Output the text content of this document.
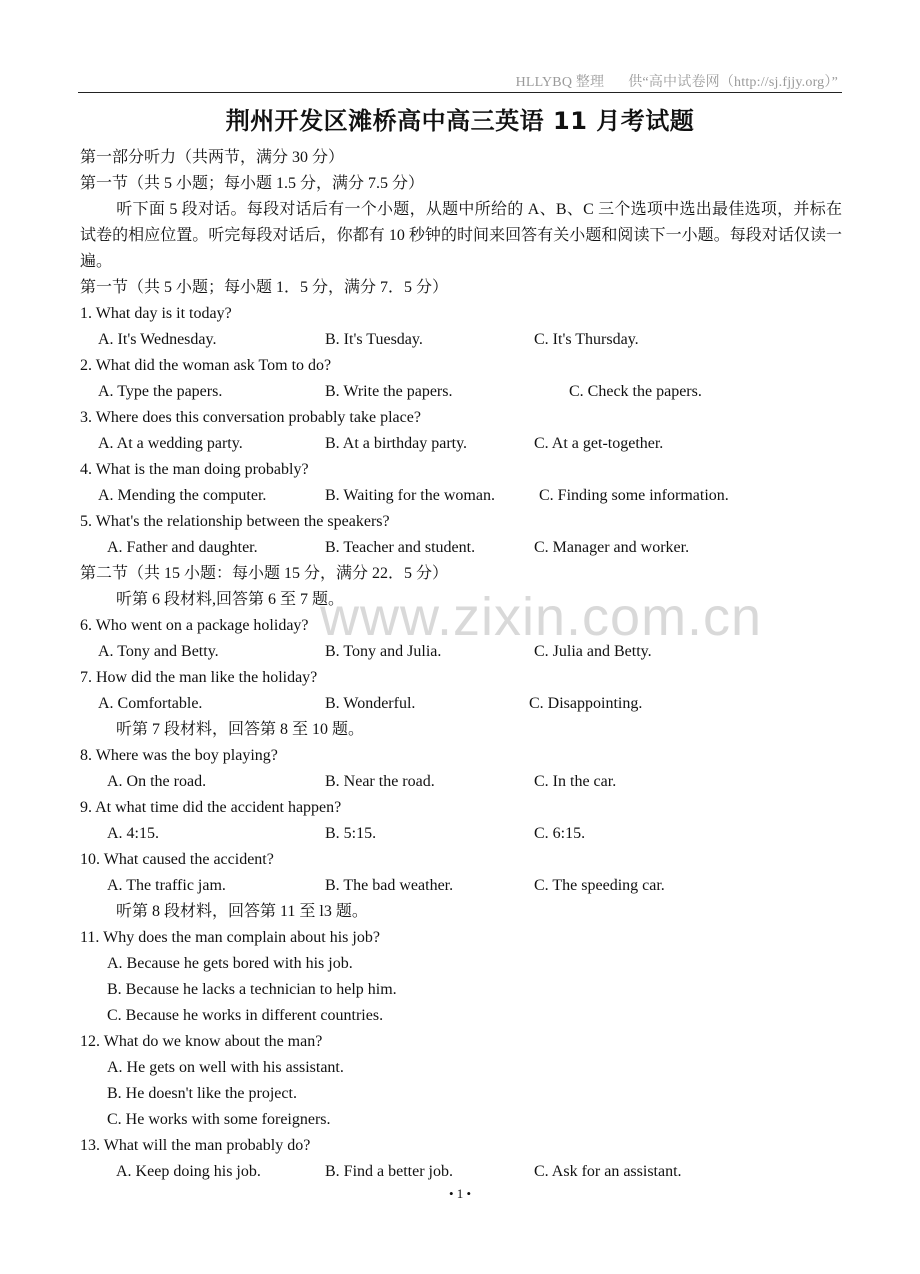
HLLYBQ 整理 供“高中试卷网（http://sj.fjjy.org）”
荆州开发区滩桥高中高三英语 11 月考试题
www.zixin.com.cn
第一部分听力（共两节，满分 30 分）
第一节（共 5 小题；每小题 1.5 分，满分 7.5 分）
听下面 5 段对话。每段对话后有一个小题，从题中所给的 A、B、C 三个选项中选出最佳选项，并标在试卷的相应位置。听完每段对话后，你都有 10 秒钟的时间来回答有关小题和阅读下一小题。每段对话仅读一遍。
第一节（共 5 小题；每小题 1．5 分，满分 7．5 分）
1. What day is it today?
A. It's Wednesday.	B. It's Tuesday.	C. It's Thursday.
2. What did the woman ask Tom to do?
A. Type the papers.	B. Write the papers.	C. Check the papers.
3. Where does this conversation probably take place?
A. At a wedding party.	B. At a birthday party.	C. At a get-together.
4. What is the man doing probably?
A. Mending the computer.	B. Waiting for the woman.	C. Finding some information.
5. What's the relationship between the speakers?
A. Father and daughter.	B. Teacher and student.	C. Manager and worker.
第二节（共 15 小题：每小题 15 分，满分 22．5 分）
听第 6 段材料,回答第 6 至 7 题。
6. Who went on a package holiday?
A. Tony and Betty.	B. Tony and Julia.	C. Julia and Betty.
7. How did the man like the holiday?
A. Comfortable.	B. Wonderful.	C. Disappointing.
听第 7 段材料，回答第 8 至 10 题。
8. Where was the boy playing?
A. On the road.	B. Near the road.	C. In the car.
9. At what time did the accident happen?
A. 4:15.	B. 5:15.	C. 6:15.
10. What caused the accident?
A. The traffic jam.	B. The bad weather.	C. The speeding car.
听第 8 段材料，回答第 11 至 l3 题。
11. Why does the man complain about his job?
A. Because he gets bored with his job.
B. Because he lacks a technician to help him.
C. Because he works in different countries.
12. What do we know about the man?
A. He gets on well with his assistant.
B. He doesn't like the project.
C. He works with some foreigners.
13. What will the man probably do?
A. Keep doing his job.	B. Find a better job.	C. Ask for an assistant.
• 1 •
